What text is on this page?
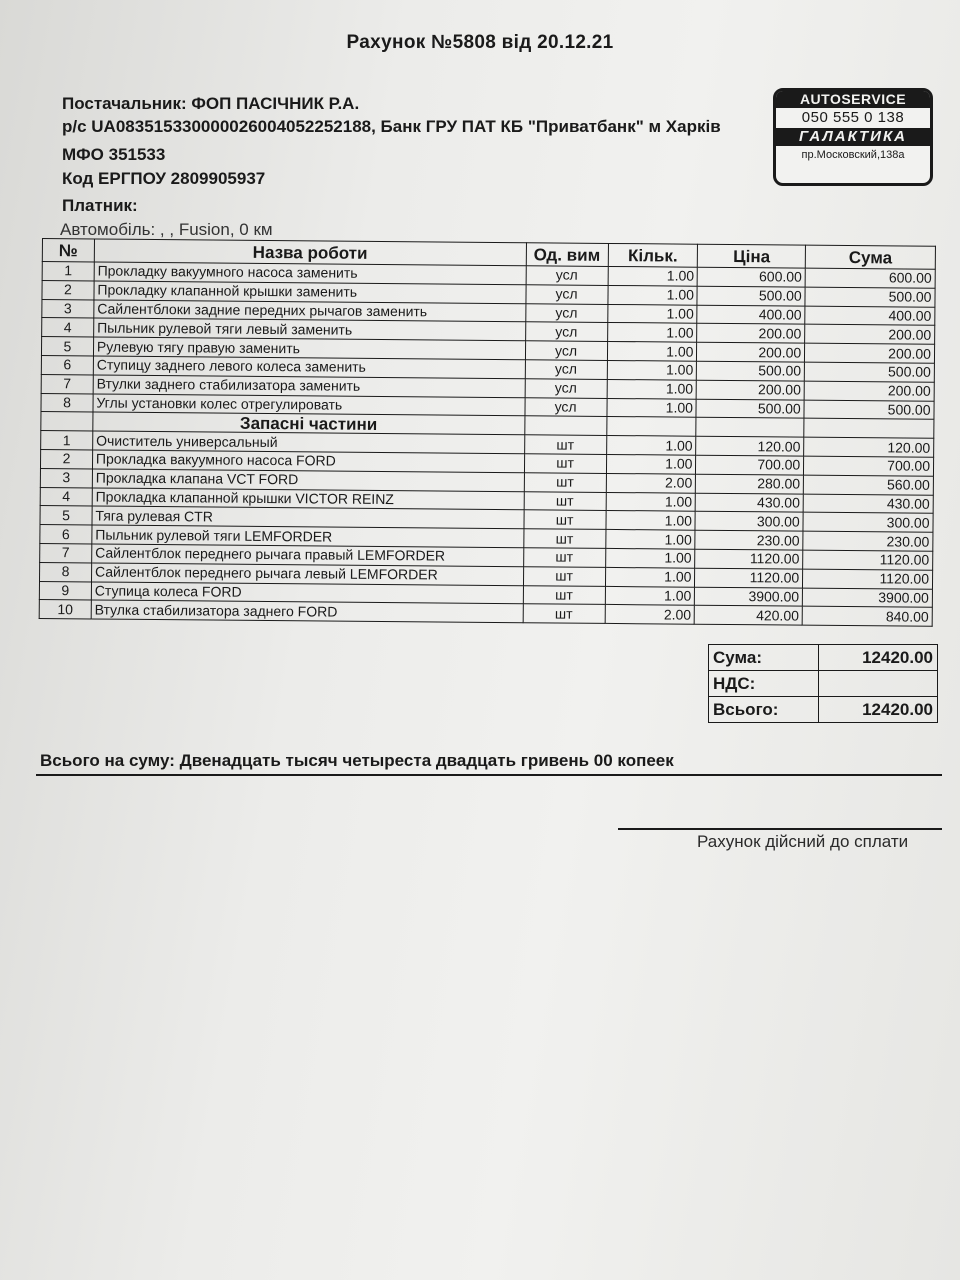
Рахунок №5808 від 20.12.21
Постачальник: ФОП ПАСІЧНИК Р.А.
р/с UA083515330000026004052252188, Банк ГРУ ПАТ КБ "Приватбанк" м Харків
МФО 351533
Код ЕРГПОУ 2809905937
Платник:
Автомобіль: , , Fusion, 0 км
AUTOSERVICE
050 555 0 138
ГАЛАКТИКА
пр.Московский,138а
№	Назва роботи	Од. вим	Кільк.	Ціна	Сума
1	Прокладку вакуумного насоса заменить	усл	1.00	600.00	600.00
2	Прокладку клапанной крышки заменить	усл	1.00	500.00	500.00
3	Сайлентблоки задние передних рычагов заменить	усл	1.00	400.00	400.00
4	Пыльник рулевой тяги левый заменить	усл	1.00	200.00	200.00
5	Рулевую тягу правую заменить	усл	1.00	200.00	200.00
6	Ступицу заднего левого колеса заменить	усл	1.00	500.00	500.00
7	Втулки заднего стабилизатора заменить	усл	1.00	200.00	200.00
8	Углы установки колес отрегулировать	усл	1.00	500.00	500.00
	Запасні частини				
1	Очиститель универсальный	шт	1.00	120.00	120.00
2	Прокладка вакуумного насоса FORD	шт	1.00	700.00	700.00
3	Прокладка клапана VCT FORD	шт	2.00	280.00	560.00
4	Прокладка клапанной крышки VICTOR REINZ	шт	1.00	430.00	430.00
5	Тяга рулевая CTR	шт	1.00	300.00	300.00
6	Пыльник рулевой тяги LEMFORDER	шт	1.00	230.00	230.00
7	Сайлентблок переднего рычага правый LEMFORDER	шт	1.00	1120.00	1120.00
8	Сайлентблок переднего рычага левый LEMFORDER	шт	1.00	1120.00	1120.00
9	Ступица колеса FORD	шт	1.00	3900.00	3900.00
10	Втулка стабилизатора заднего FORD	шт	2.00	420.00	840.00
Сума:	12420.00
НДС:	
Всього:	12420.00
Всього на суму: Двенадцать тысяч четыреста двадцать гривень 00 копеек
Рахунок дійсний до сплати
